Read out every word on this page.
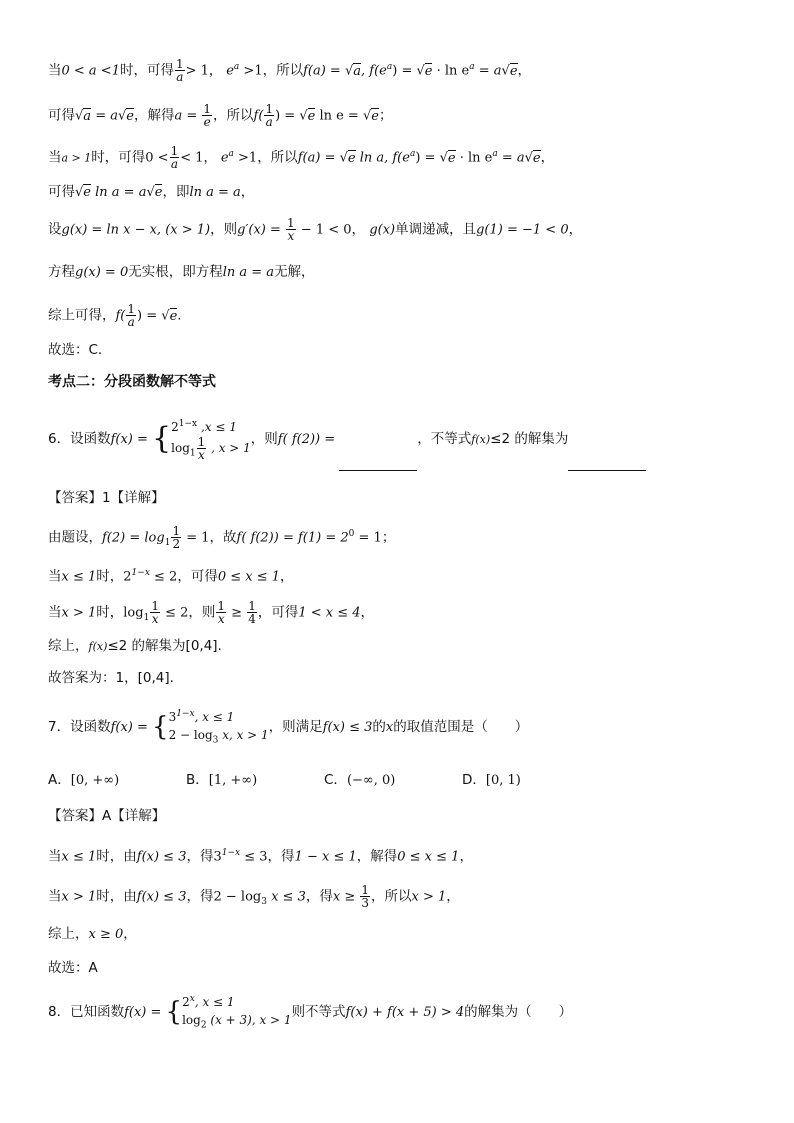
当0 < a <1时，可得 $\frac{1}{a} > 1$， $e^a >1$，所以f(a) = √a, $f(e^a) = √e \cdot \ln e^a = a√e$，
可得√a = a√e，解得$a = \frac{1}{e}$ ，所以$f( \frac{1}{a}$ ) = √e ln e = √e；
当a > 1时，可得$0 < \frac{1}{a} < 1$， $e^a >1$，所以f(a) = √e ln a, $f(e^a) = √e \cdot \ln e^a = a√e$，
可得√e ln a = a√e，即ln a = a，
设g(x) = ln x − x, (x > 1)，则$g'(x) = \frac{1}{x} - 1 < 0$， g(x)单调递减，且g(1) = −1 < 0，
方程g(x) = 0无实根，即方程ln a = a无解，
综上可得，$f( \frac{1}{a}$ ) = √e.
故选：C.
考点二：分段函数解不等式
6．设函数f(x) = { $2^{1-x}$ ,x ≤ 1
$\log_1 \frac{1}{x}$ , x > 1
，则f( f(2)) =	，不等式f(x)≤2 的解集为
【答案】1【详解】
由题设，$f(2) = \log_1 \frac{1}{2} = 1$，故f( $f(2)) = f(1) = 2^0 = 1$；
当x ≤ 1时，$2^{1-x} \le 2$，可得0 ≤ x ≤ 1，
当x > 1时，$\log_1 \frac{1}{x} \le 2$，则 $\frac{1}{x} \ge \frac{1}{4}$ ，可得1 < x ≤ 4，
综上，f(x)≤2 的解集为[0,4].
故答案为：1，[0,4].
7．设函数f(x) = { $3^{1-x}$, x ≤ 1
$2 - \log_3 x$, x > 1 ，则满足f(x) ≤ 3的x的取值范围是（　　）
A．[0, +∞)	B．[1, +∞)	C．(−∞, 0)	D．[0, 1)
【答案】A【详解】
当x ≤ 1时，由f(x) ≤ 3，得$3^{1-x} \le 3$，得1 − x ≤ 1，解得0 ≤ x ≤ 1，
当x > 1时，由f(x) ≤ 3，得$2 - \log_3 x \le 3$，得$x \ge \frac{1}{3}$ ，所以x > 1，
综上，x ≥ 0，
故选：A
8．已知函数f(x) = { 2$^x$, x ≤ 1
$\log_2 (x + 3)$, x > 1 则不等式f(x) + f(x + 5) > 4的解集为（　　）
